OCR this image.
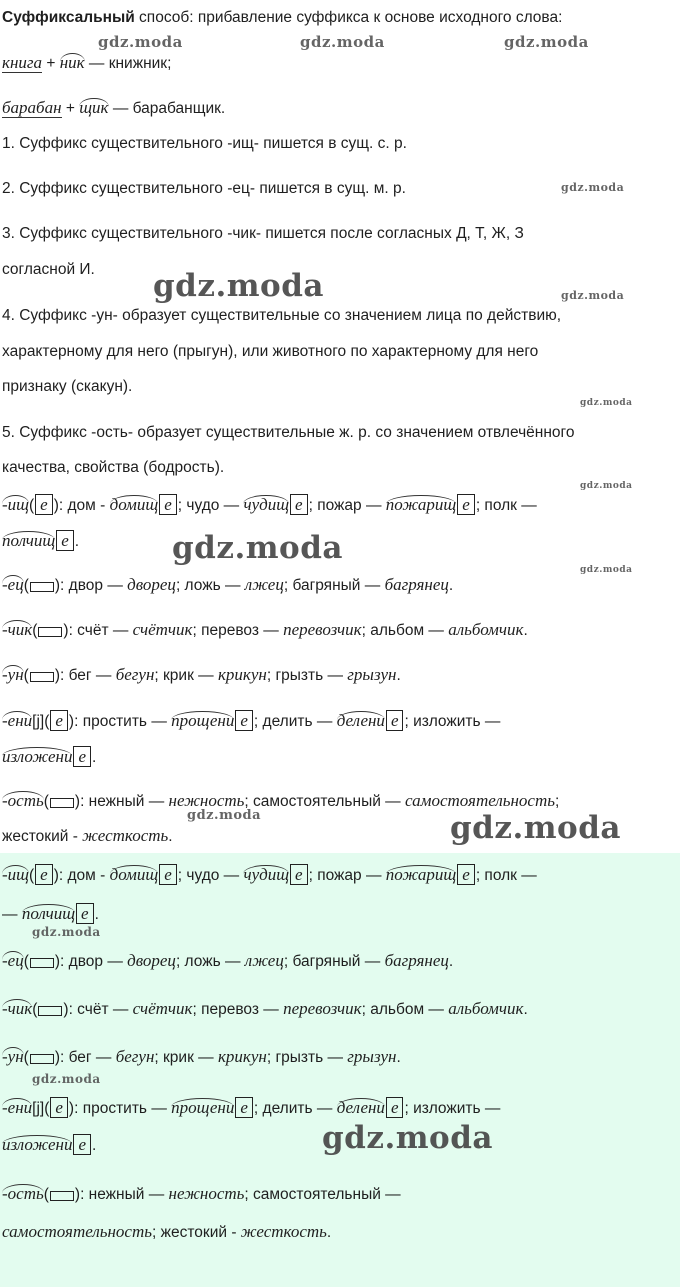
gdz.moda	gdz.moda	gdz.moda
gdz.moda
gdz.moda	gdz.moda
gdz.moda
gdz.moda
gdz.moda
gdz.moda
gdz.moda	gdz.moda
Суффиксальный способ: прибавление суффикса к основе исходного слова:
книга + ник — книжник;
барабан + щик — барабанщик.
1. Суффикс существительного -ищ- пишется в сущ. с. р.
2. Суффикс существительного -ец- пишется в сущ. м. р.
3. Суффикс существительного -чик- пишется после согласных Д, Т, Ж, З
согласной И.
4. Суффикс -ун- образует существительные со значением лица по действию,
характерному для него (прыгун), или животного по характерному для него
признаку (скакун).
5. Суффикс -ость- образует существительные ж. р. со значением отвлечённого
качества, свойства (бодрость).
-ищ( е ): дом - домищ е ; чудо — чудищ е ; пожар — пожарищ е ; полк —
полчищ е .
-ец( ): двор — дворец; ложь — лжец; багряный — багрянец.
-чик( ): счёт — счётчик; перевоз — перевозчик; альбом — альбомчик.
-ун( ): бег — бегун; крик — крикун; грызть — грызун.
-ени[j]( е ): простить — прощени е ; делить — делени е ; изложить —
изложени е .
-ость( ): нежный — нежность; самостоятельный — самостоятельность;
жестокий - жесткость.
gdz.moda
gdz.moda
gdz.moda
-ищ( е ): дом - домищ е ; чудо — чудищ е ; пожар — пожарищ е ; полк —
— полчищ е .
-ец( ): двор — дворец; ложь — лжец; багряный — багрянец.
-чик( ): счёт — счётчик; перевоз — перевозчик; альбом — альбомчик.
-ун( ): бег — бегун; крик — крикун; грызть — грызун.
-ени[j]( е ): простить — прощени е ; делить — делени е ; изложить —
изложени е .
-ость( ): нежный — нежность; самостоятельный —
самостоятельность; жестокий - жесткость.
